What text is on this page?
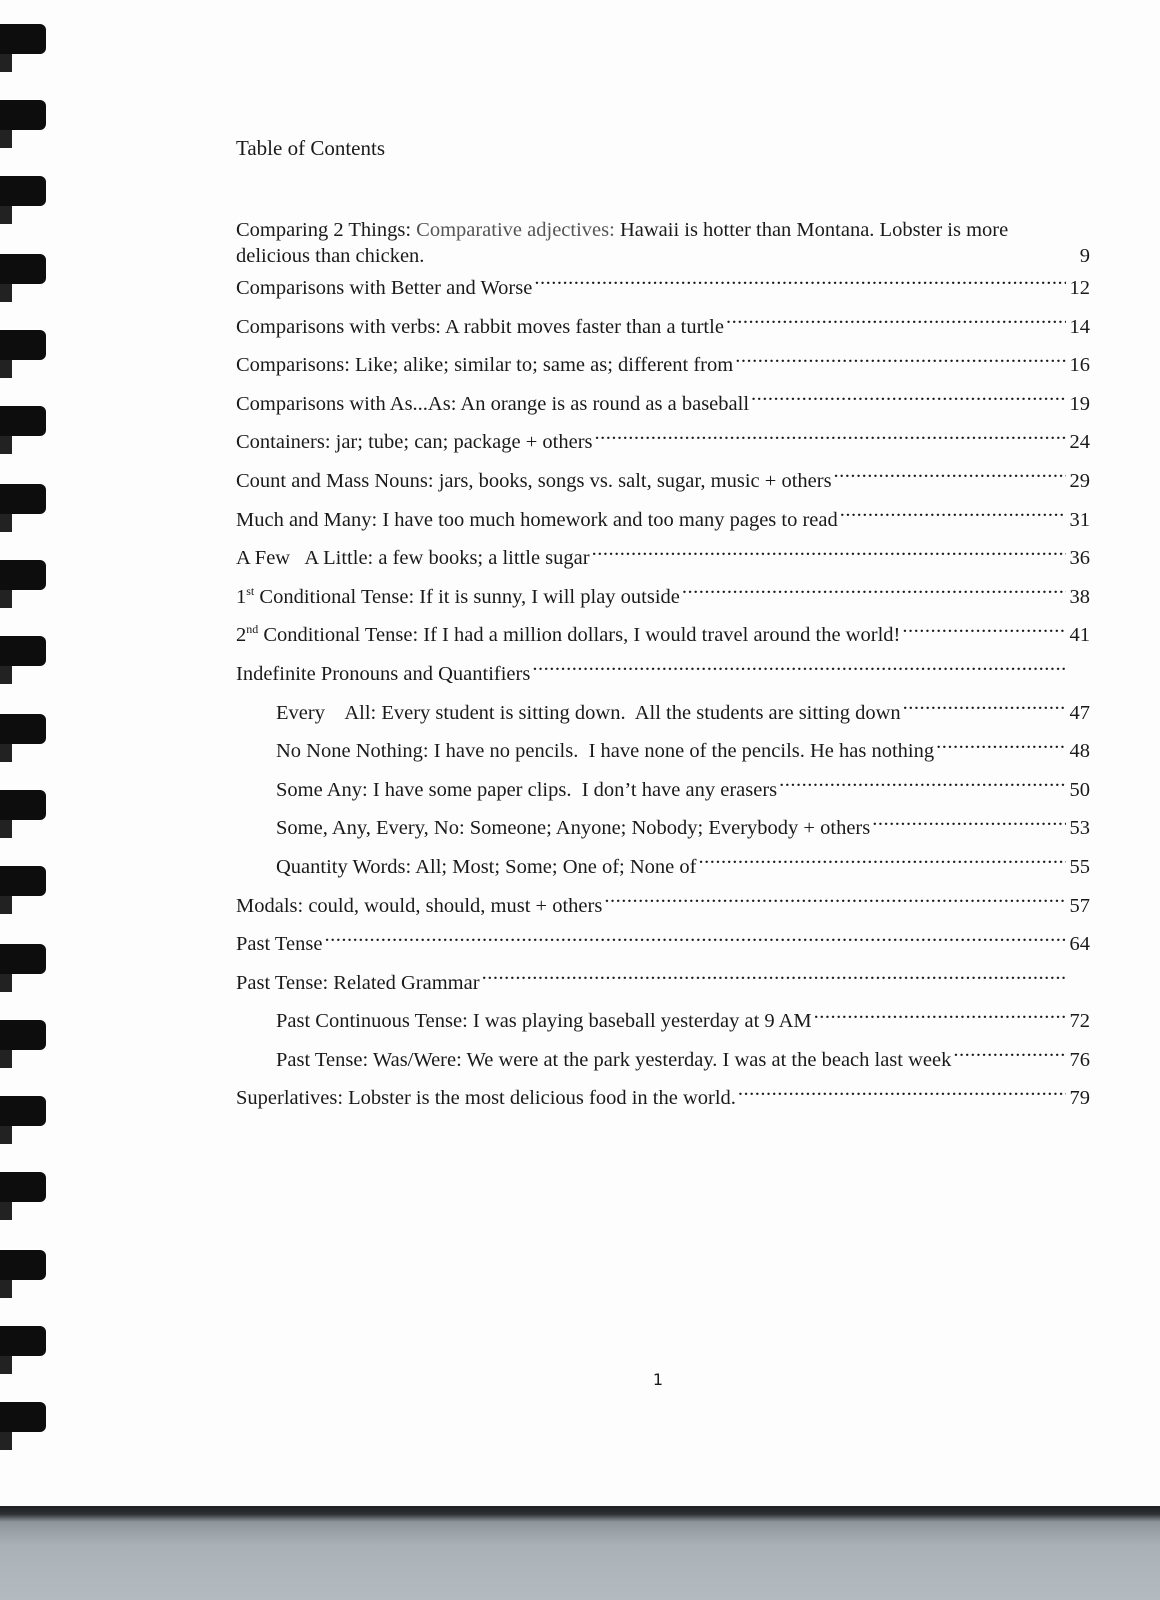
Table of Contents
Comparing 2 Things: Comparative adjectives: Hawaii is hotter than Montana. Lobster is more
delicious than chicken.	9
Comparisons with Better and Worse .....	12
Comparisons with verbs: A rabbit moves faster than a turtle .....	14
Comparisons: Like; alike; similar to; same as; different from .....	16
Comparisons with As...As: An orange is as round as a baseball .....	19
Containers: jar; tube; can; package + others .....	24
Count and Mass Nouns: jars, books, songs vs. salt, sugar, music + others .....	29
Much and Many: I have too much homework and too many pages to read .....	31
A Few   A Little: a few books; a little sugar .....	36
1st Conditional Tense: If it is sunny, I will play outside .....	38
2nd Conditional Tense: If I had a million dollars, I would travel around the world! .....	41
Indefinite Pronouns and Quantifiers
.....
Every    All: Every student is sitting down.  All the students are sitting down .....	47
No None Nothing: I have no pencils.  I have none of the pencils. He has nothing .....	48
Some Any: I have some paper clips.  I don’t have any erasers .....	50
Some, Any, Every, No: Someone; Anyone; Nobody; Everybody + others .....	53
Quantity Words: All; Most; Some; One of; None of .....	55
Modals: could, would, should, must + others .....	57
Past Tense .....	64
Past Tense: Related Grammar
.....
Past Continuous Tense: I was playing baseball yesterday at 9 AM .....	72
Past Tense: Was/Were: We were at the park yesterday. I was at the beach last week .....	76
Superlatives: Lobster is the most delicious food in the world. .....	79
1
